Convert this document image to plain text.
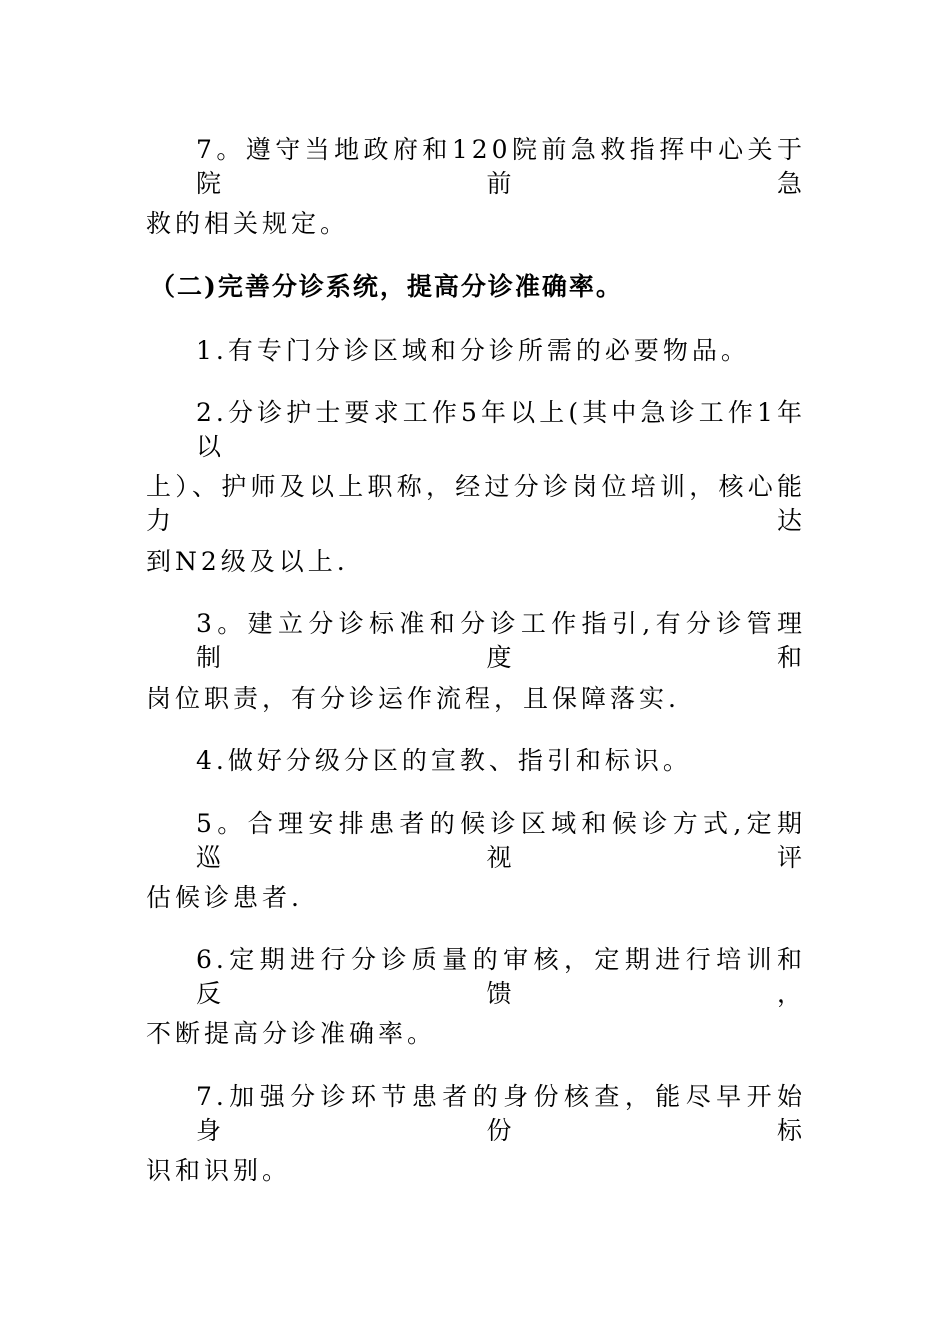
7。遵守当地政府和120院前急救指挥中心关于院前急
救的相关规定。
（二)完善分诊系统，提高分诊准确率。
1.有专门分诊区域和分诊所需的必要物品。
2.分诊护士要求工作5年以上(其中急诊工作1年以
上）、护师及以上职称，经过分诊岗位培训，核心能力达
到N2级及以上.
3。建立分诊标准和分诊工作指引,有分诊管理制度和
岗位职责，有分诊运作流程，且保障落实.
4.做好分级分区的宣教、指引和标识。
5。合理安排患者的候诊区域和候诊方式,定期巡视评
估候诊患者.
6.定期进行分诊质量的审核，定期进行培训和反馈，
不断提高分诊准确率。
7.加强分诊环节患者的身份核查，能尽早开始身份标
识和识别。
